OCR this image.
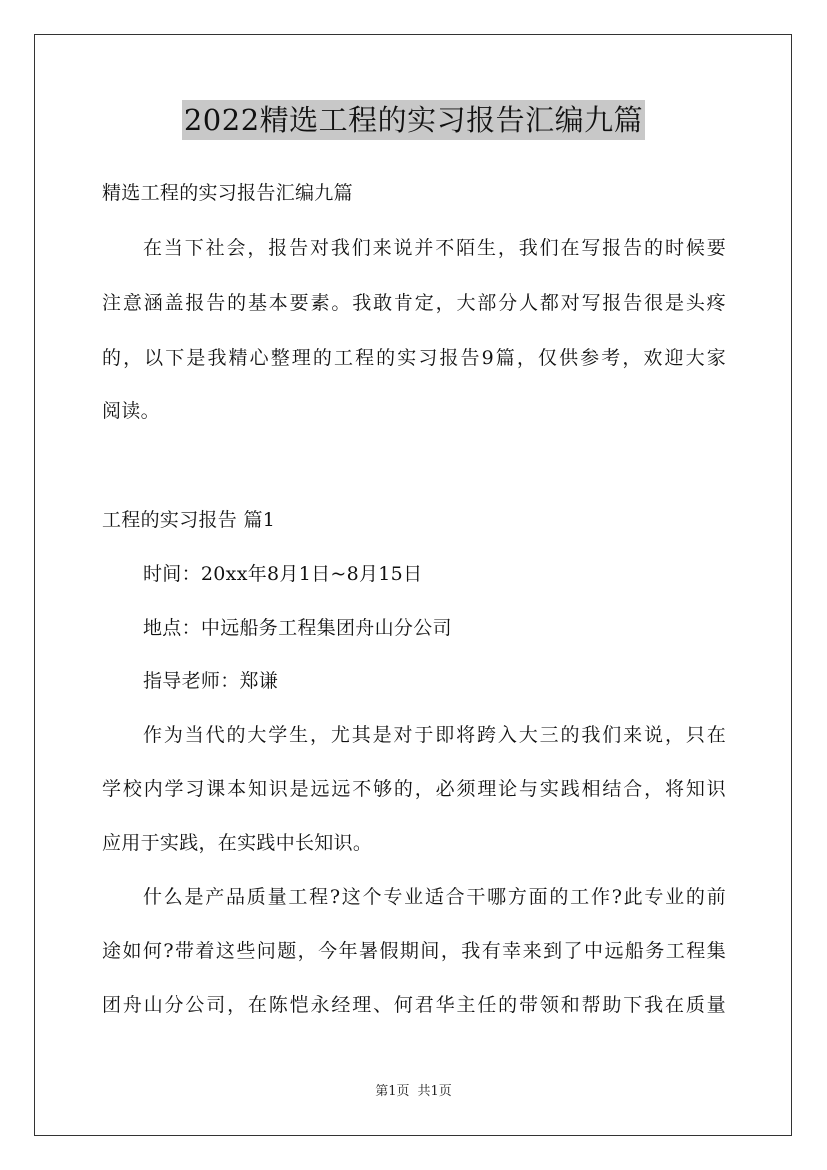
2022精选工程的实习报告汇编九篇
精选工程的实习报告汇编九篇
在当下社会，报告对我们来说并不陌生，我们在写报告的时候要
注意涵盖报告的基本要素。我敢肯定，大部分人都对写报告很是头疼
的，以下是我精心整理的工程的实习报告9篇，仅供参考，欢迎大家
阅读。
工程的实习报告 篇1
时间：20xx年8月1日~8月15日
地点：中远船务工程集团舟山分公司
指导老师：郑谦
作为当代的大学生，尤其是对于即将跨入大三的我们来说，只在
学校内学习课本知识是远远不够的，必须理论与实践相结合，将知识
应用于实践，在实践中长知识。
什么是产品质量工程?这个专业适合干哪方面的工作?此专业的前
途如何?带着这些问题，今年暑假期间，我有幸来到了中远船务工程集
团舟山分公司，在陈恺永经理、何君华主任的带领和帮助下我在质量
第1页 共1页
